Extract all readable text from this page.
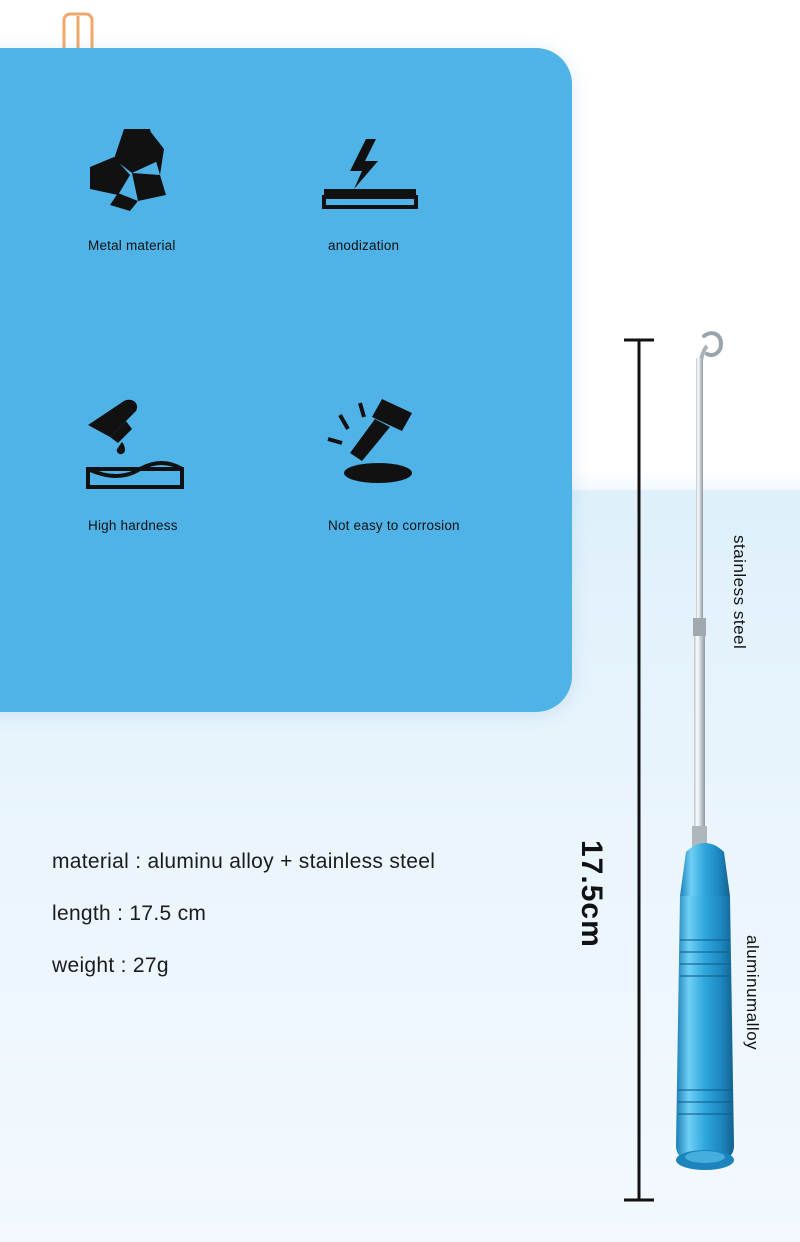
Metal material	anodization
High hardness	Not easy to corrosion
material : aluminu alloy + stainless steel
length : 17.5 cm
weight : 27g
17.5cm
stainless steel
aluminumalloy
